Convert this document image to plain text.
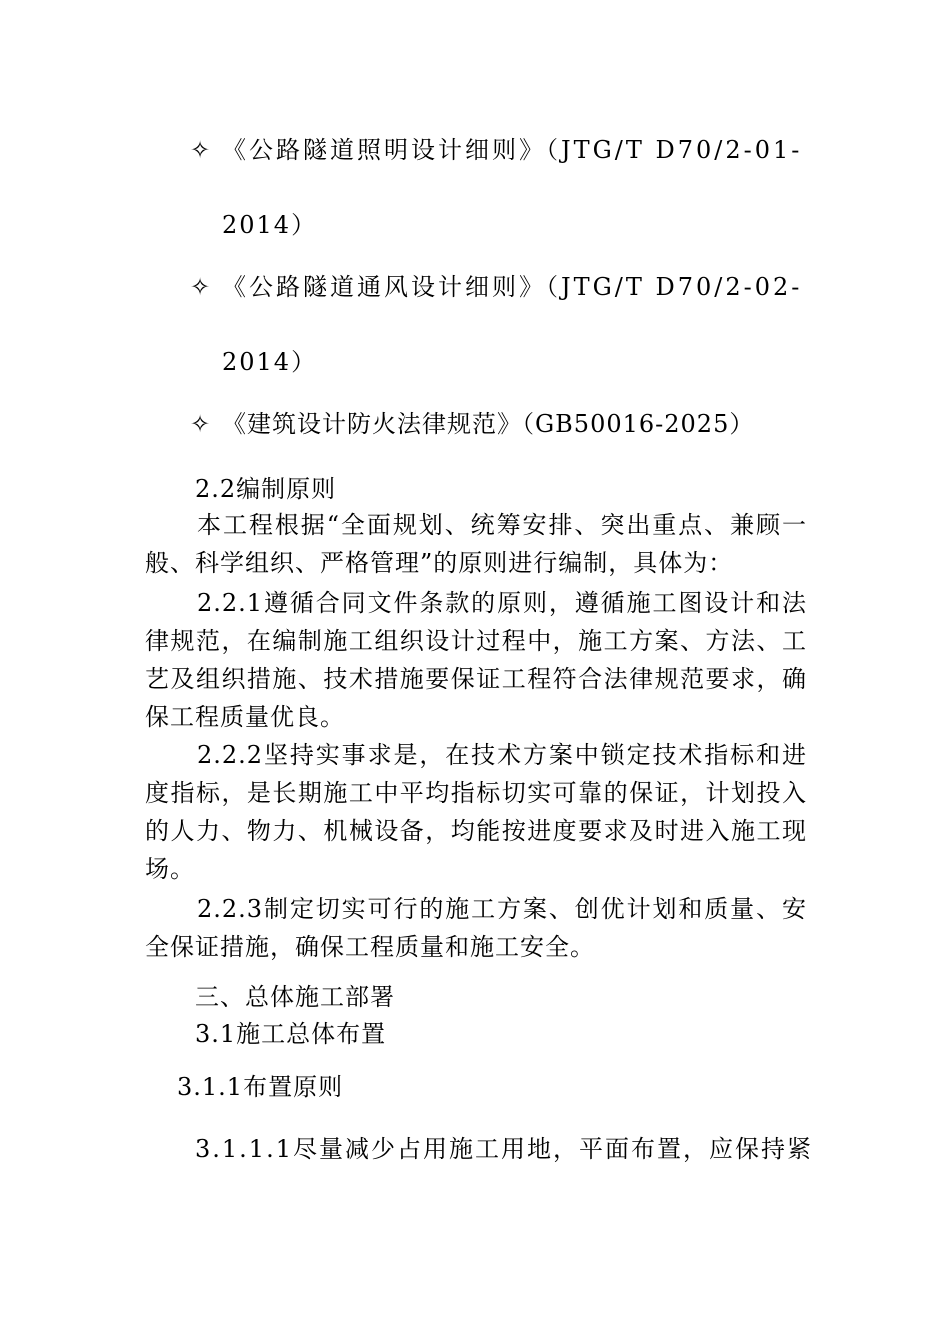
✧ 《公路隧道照明设计细则》（JTG/T D70/2-01-
2014）
✧ 《公路隧道通风设计细则》（JTG/T D70/2-02-
2014）
✧ 《建筑设计防火法律规范》（GB50016-2025）
2.2编制原则
本工程根据“全面规划、统筹安排、突出重点、兼顾一
般、科学组织、严格管理”的原则进行编制，具体为：
2.2.1遵循合同文件条款的原则，遵循施工图设计和法
律规范，在编制施工组织设计过程中，施工方案、方法、工
艺及组织措施、技术措施要保证工程符合法律规范要求，确
保工程质量优良。
2.2.2坚持实事求是，在技术方案中锁定技术指标和进
度指标，是长期施工中平均指标切实可靠的保证，计划投入
的人力、物力、机械设备，均能按进度要求及时进入施工现
场。
2.2.3制定切实可行的施工方案、创优计划和质量、安
全保证措施，确保工程质量和施工安全。
三、总体施工部署
3.1施工总体布置
3.1.1布置原则
3.1.1.1尽量减少占用施工用地，平面布置，应保持紧
